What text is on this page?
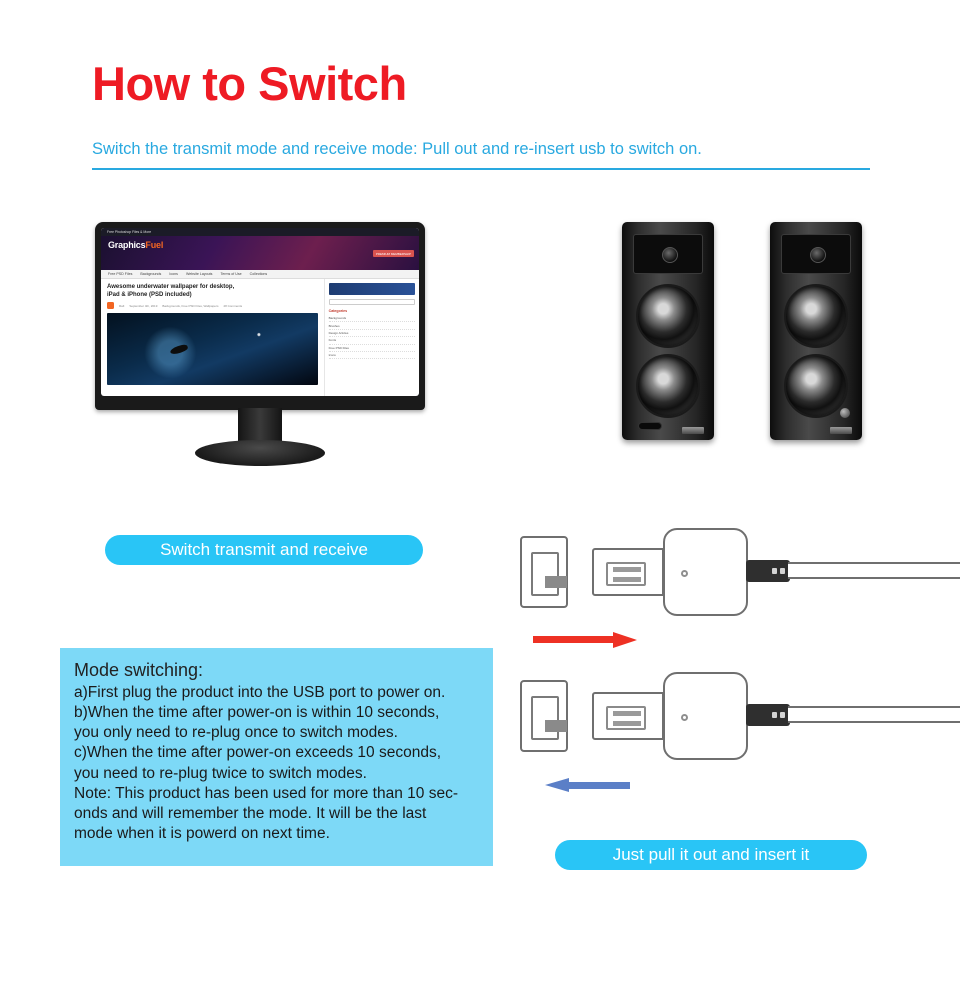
How to Switch
Switch the transmit mode and receive mode: Pull out and re-insert usb to switch on.
Free Photoshop Files & More
GraphicsFuel
PREMIUM MEMBERSHIP
Free PSD Files Backgrounds Icons Website Layouts Terms of Use Collections
Awesome underwater wallpaper for desktop,
iPad & iPhone (PSD included)
Rafi September 4th, 2019 Backgrounds, Free PSD Files, Wallpapers 28 Comments
Categories
Backgrounds
Brushes
Design Articles
Fonts
Free PSD Files
Icons
Switch transmit and receive
Just pull it out and insert it
Mode switching:
a)First plug the product into the USB port to power on.
b)When the time after power-on is within 10 seconds,
you only need to re-plug once to switch modes.
c)When the time after power-on exceeds 10 seconds,
you need to re-plug twice to switch modes.
Note: This product has been used for more than 10 sec-
onds and will remember the mode. It will be the last
mode when it is powerd on next time.
